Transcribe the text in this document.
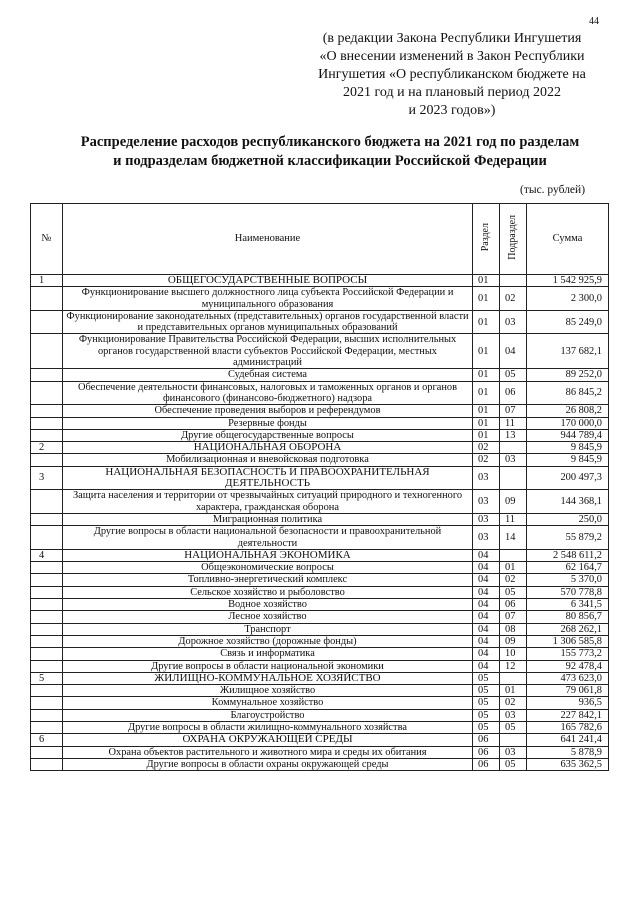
44
(в редакции Закона Республики Ингушетия
«О внесении изменений в Закон Республики
Ингушетия «О республиканском бюджете на
2021 год и на плановый период 2022
и 2023 годов»)
Распределение расходов республиканского бюджета на 2021 год по разделам
и подразделам бюджетной классификации Российской Федерации
(тыс. рублей)
№	Наименование	Раздел	Подраздел	Сумма
1	ОБЩЕГОСУДАРСТВЕННЫЕ ВОПРОСЫ	01		1 542 925,9
	Функционирование высшего должностного лица субъекта Российской Федерации и муниципального образования	01	02	2 300,0
	Функционирование законодательных (представительных) органов государственной власти и представительных органов муниципальных образований	01	03	85 249,0
	Функционирование Правительства Российской Федерации, высших исполнительных органов государственной власти субъектов Российской Федерации, местных администраций	01	04	137 682,1
	Судебная система	01	05	89 252,0
	Обеспечение деятельности финансовых, налоговых и таможенных органов и органов финансового (финансово-бюджетного) надзора	01	06	86 845,2
	Обеспечение проведения выборов и референдумов	01	07	26 808,2
	Резервные фонды	01	11	170 000,0
	Другие общегосударственные вопросы	01	13	944 789,4
2	НАЦИОНАЛЬНАЯ ОБОРОНА	02		9 845,9
	Мобилизационная и вневойсковая подготовка	02	03	9 845,9
3	НАЦИОНАЛЬНАЯ БЕЗОПАСНОСТЬ И ПРАВООХРАНИТЕЛЬНАЯ ДЕЯТЕЛЬНОСТЬ	03		200 497,3
	Защита населения и территории от чрезвычайных ситуаций природного и техногенного характера, гражданская оборона	03	09	144 368,1
	Миграционная политика	03	11	250,0
	Другие вопросы в области национальной безопасности и правоохранительной деятельности	03	14	55 879,2
4	НАЦИОНАЛЬНАЯ ЭКОНОМИКА	04		2 548 611,2
	Общеэкономические вопросы	04	01	62 164,7
	Топливно-энергетический комплекс	04	02	5 370,0
	Сельское хозяйство и рыболовство	04	05	570 778,8
	Водное хозяйство	04	06	6 341,5
	Лесное хозяйство	04	07	80 856,7
	Транспорт	04	08	268 262,1
	Дорожное хозяйство (дорожные фонды)	04	09	1 306 585,8
	Связь и информатика	04	10	155 773,2
	Другие вопросы в области национальной экономики	04	12	92 478,4
5	ЖИЛИЩНО-КОММУНАЛЬНОЕ ХОЗЯЙСТВО	05		473 623,0
	Жилищное хозяйство	05	01	79 061,8
	Коммунальное хозяйство	05	02	936,5
	Благоустройство	05	03	227 842,1
	Другие вопросы в области жилищно-коммунального хозяйства	05	05	165 782,6
6	ОХРАНА ОКРУЖАЮЩЕЙ СРЕДЫ	06		641 241,4
	Охрана объектов растительного и животного мира и среды их обитания	06	03	5 878,9
	Другие вопросы в области охраны окружающей среды	06	05	635 362,5
